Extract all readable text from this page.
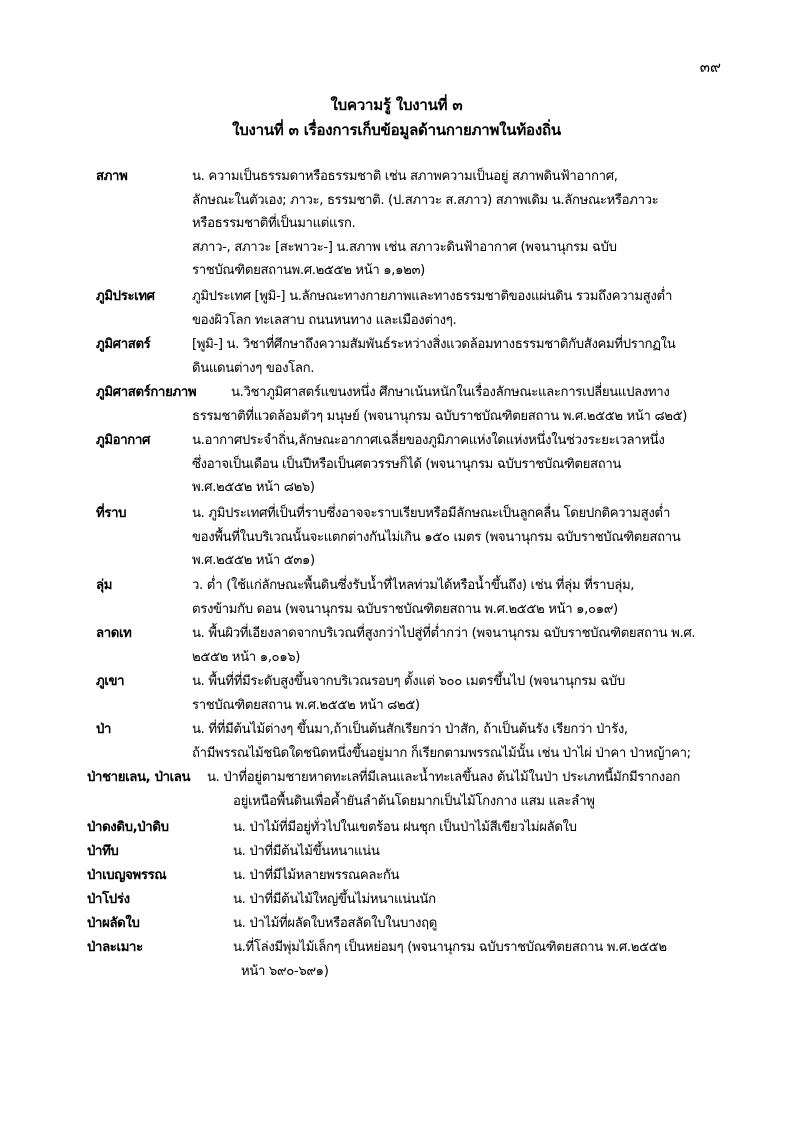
๓๙
ใบความรู้ ใบงานที่ ๓
ใบงานที่ ๓ เรื่องการเก็บข้อมูลด้านกายภาพในท้องถิ่น
สภาพ	น. ความเป็นธรรมดาหรือธรรมชาติ เช่น สภาพความเป็นอยู่ สภาพดินฟ้าอากาศ,
ลักษณะในตัวเอง; ภาวะ, ธรรมชาติ. (ป.สภาวะ ส.สภาว) สภาพเดิม น.ลักษณะหรือภาวะ
หรือธรรมชาติที่เป็นมาแต่แรก.
สภาว-, สภาวะ [สะพาวะ-] น.สภาพ เช่น สภาวะดินฟ้าอากาศ (พจนานุกรม ฉบับ
ราชบัณฑิตยสถานพ.ศ.๒๕๕๒ หน้า ๑,๑๒๓)
ภูมิประเทศ	ภูมิประเทศ [พูมิ-] น.ลักษณะทางกายภาพและทางธรรมชาติของแผ่นดิน รวมถึงความสูงต่ำ
ของผิวโลก ทะเลสาบ ถนนหนทาง และเมืองต่างๆ.
ภูมิศาสตร์	[พูมิ-] น. วิชาที่ศึกษาถึงความสัมพันธ์ระหว่างสิ่งแวดล้อมทางธรรมชาติกับสังคมที่ปรากฏใน
ดินแดนต่างๆ ของโลก.
ภูมิศาสตร์กายภาพ	น.วิชาภูมิศาสตร์แขนงหนึ่ง ศึกษาเน้นหนักในเรื่องลักษณะและการเปลี่ยนแปลงทาง
ธรรมชาติที่แวดล้อมตัวๆ มนุษย์ (พจนานุกรม ฉบับราชบัณฑิตยสถาน พ.ศ.๒๕๕๒ หน้า ๘๒๕)
ภูมิอากาศ	น.อากาศประจำถิ่น,ลักษณะอากาศเฉลี่ยของภูมิภาคแห่งใดแห่งหนึ่งในช่วงระยะเวลาหนึ่ง
ซึ่งอาจเป็นเดือน เป็นปีหรือเป็นศตวรรษก็ได้ (พจนานุกรม ฉบับราชบัณฑิตยสถาน
พ.ศ.๒๕๕๒ หน้า ๘๒๖)
ที่ราบ	น. ภูมิประเทศที่เป็นที่ราบซึ่งอาจจะราบเรียบหรือมีลักษณะเป็นลูกคลื่น โดยปกติความสูงต่ำ
ของพื้นที่ในบริเวณนั้นจะแตกต่างกันไม่เกิน ๑๕๐ เมตร (พจนานุกรม ฉบับราชบัณฑิตยสถาน
พ.ศ.๒๕๕๒ หน้า ๕๓๑)
ลุ่ม	ว. ต่ำ (ใช้แก่ลักษณะพื้นดินซึ่งรับน้ำที่ไหลท่วมได้หรือน้ำขึ้นถึง) เช่น ที่ลุ่ม ที่ราบลุ่ม,
ตรงข้ามกับ ดอน (พจนานุกรม ฉบับราชบัณฑิตยสถาน พ.ศ.๒๕๕๒ หน้า ๑,๐๑๙)
ลาดเท	น. พื้นผิวที่เอียงลาดจากบริเวณที่สูงกว่าไปสู่ที่ต่ำกว่า (พจนานุกรม ฉบับราชบัณฑิตยสถาน พ.ศ.
๒๕๕๒ หน้า ๑,๐๑๖)
ภูเขา	น. พื้นที่ที่มีระดับสูงขึ้นจากบริเวณรอบๆ ตั้งแต่ ๖๐๐ เมตรขึ้นไป (พจนานุกรม ฉบับ
ราชบัณฑิตยสถาน พ.ศ.๒๕๕๒ หน้า ๘๒๕)
ป่า	น. ที่ที่มีต้นไม้ต่างๆ ขึ้นมา,ถ้าเป็นต้นสักเรียกว่า ป่าสัก, ถ้าเป็นต้นรัง เรียกว่า ป่ารัง,
ถ้ามีพรรณไม้ชนิดใดชนิดหนึ่งขึ้นอยู่มาก ก็เรียกตามพรรณไม้นั้น เช่น ป่าไผ่ ป่าคา ป่าหญ้าคา;
ป่าชายเลน, ป่าเลน น. ป่าที่อยู่ตามชายหาดทะเลที่มีเลนและน้ำทะเลขึ้นลง ต้นไม้ในป่า ประเภทนี้มักมีรากงอก
อยู่เหนือพื้นดินเพื่อค้ำยันลำต้นโดยมากเป็นไม้โกงกาง แสม และลำพู
ป่าดงดิบ,ป่าดิบ	น. ป่าไม้ที่มีอยู่ทั่วไปในเขตร้อน ฝนชุก เป็นป่าไม้สีเขียวไม่ผลัดใบ
ป่าทึบ	น. ป่าที่มีต้นไม้ขึ้นหนาแน่น
ป่าเบญจพรรณ	น. ป่าที่มีไม้หลายพรรณคละกัน
ป่าโปร่ง	น. ป่าที่มีต้นไม้ใหญ่ขึ้นไม่หนาแน่นนัก
ป่าผลัดใบ	น. ป่าไม้ที่ผลัดใบหรือสลัดใบในบางฤดู
ป่าละเมาะ	น.ที่โล่งมีพุ่มไม้เล็กๆ เป็นหย่อมๆ (พจนานุกรม ฉบับราชบัณฑิตยสถาน พ.ศ.๒๕๕๒
หน้า ๖๙๐-๖๙๑)
